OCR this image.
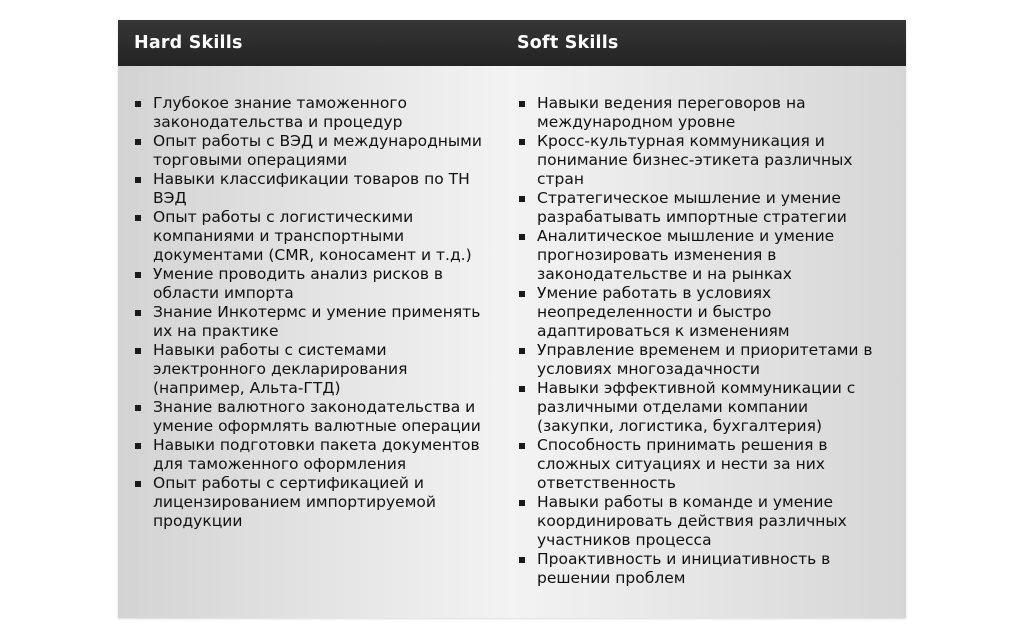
Hard Skills	Soft Skills
Глубокое знание таможенного законодательства и процедур
Опыт работы с ВЭД и международными торговыми операциями
Навыки классификации товаров по ТН ВЭД
Опыт работы с логистическими компаниями и транспортными документами (CMR, коносамент и т.д.)
Умение проводить анализ рисков в области импорта
Знание Инкотермс и умение применять их на практике
Навыки работы с системами электронного декларирования (например, Альта-ГТД)
Знание валютного законодательства и умение оформлять валютные операции
Навыки подготовки пакета документов для таможенного оформления
Опыт работы с сертификацией и лицензированием импортируемой продукции
Навыки ведения переговоров на международном уровне
Кросс-культурная коммуникация и понимание бизнес-этикета различных стран
Стратегическое мышление и умение разрабатывать импортные стратегии
Аналитическое мышление и умение прогнозировать изменения в законодательстве и на рынках
Умение работать в условиях неопределенности и быстро адаптироваться к изменениям
Управление временем и приоритетами в условиях многозадачности
Навыки эффективной коммуникации с различными отделами компании (закупки, логистика, бухгалтерия)
Способность принимать решения в сложных ситуациях и нести за них ответственность
Навыки работы в команде и умение координировать действия различных участников процесса
Проактивность и инициативность в решении проблем
